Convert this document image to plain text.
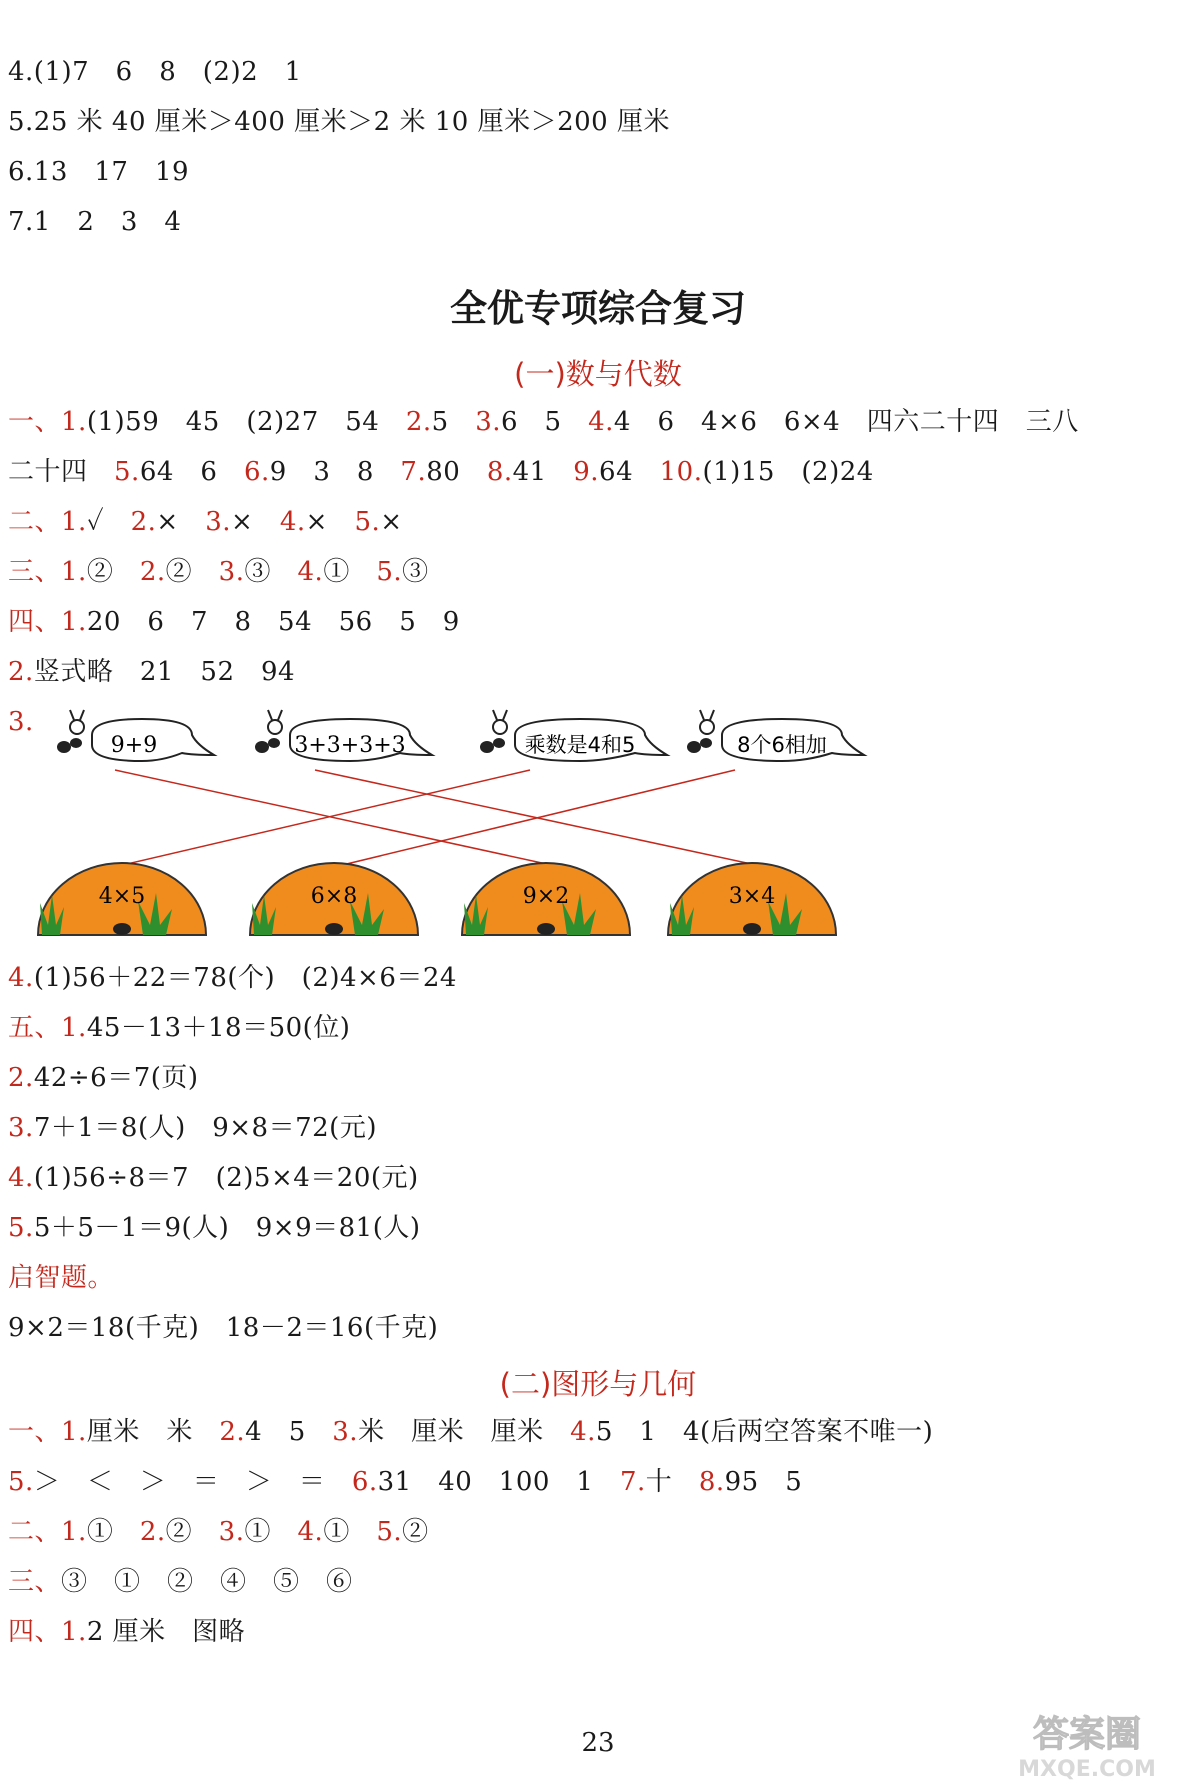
4.(1)7　6　8　(2)2　1
5.25 米 40 厘米＞400 厘米＞2 米 10 厘米＞200 厘米
6.13　17　19
7.1　2　3　4
全优专项综合复习
(一)数与代数
一、1.(1)59　45　(2)27　54　2.5　3.6　5　4.4　6　4×6　6×4　四六二十四　三八
二十四　5.64　6　6.9　3　8　7.80　8.41　9.64　10.(1)15　(2)24
二、1.✓　2.×　3.×　4.×　5.×
三、1.②　2.②　3.③　4.①　5.③
四、1.20　6　7　8　54　56　5　9
2.竖式略　21　52　94
3.
9+9	3+3+3+3	乘数是4和5	8个6相加
4×5	6×8	9×2	3×4
4.(1)56＋22＝78(个)　(2)4×6＝24
五、1.45－13＋18＝50(位)
2.42÷6＝7(页)
3.7＋1＝8(人)　9×8＝72(元)
4.(1)56÷8＝7　(2)5×4＝20(元)
5.5＋5－1＝9(人)　9×9＝81(人)
启智题。
9×2＝18(千克)　18－2＝16(千克)
(二)图形与几何
一、1.厘米　米　2.4　5　3.米　厘米　厘米　4.5　1　4(后两空答案不唯一)
5.＞　＜　＞　＝　＞　＝　6.31　40　100　1　7.十　8.95　5
二、1.①　2.②　3.①　4.①　5.②
三、③　①　②　④　⑤　⑥
四、1.2 厘米　图略
23	答案圈
MXQE.COM
